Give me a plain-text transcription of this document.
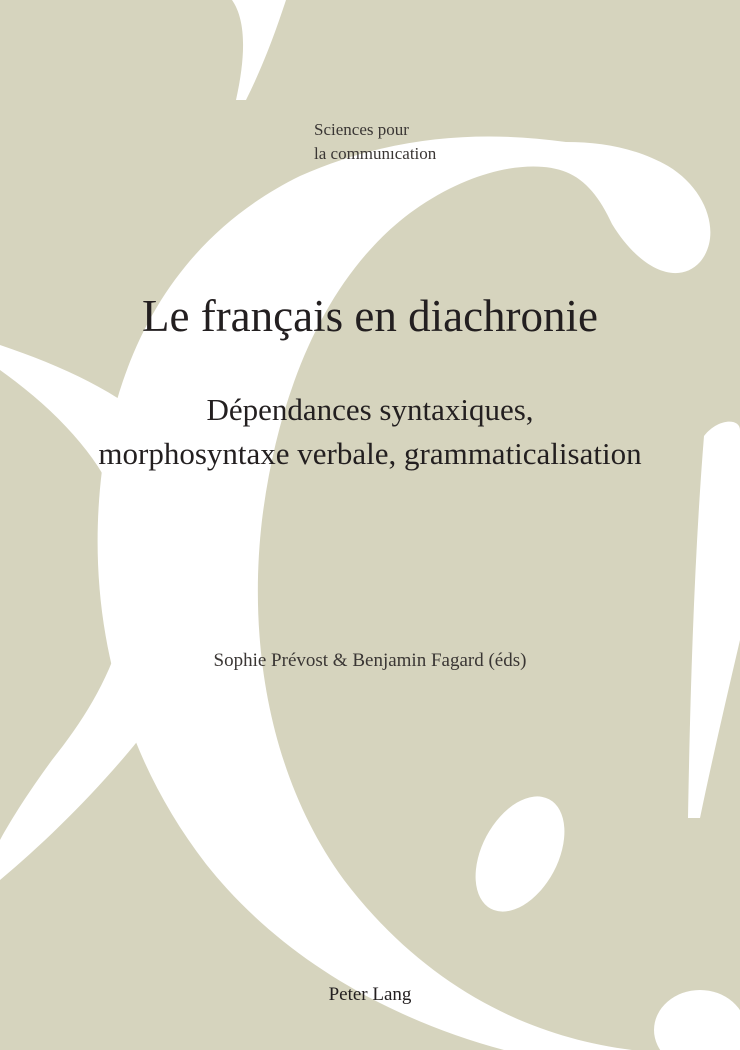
Sciences pour
la communıcation
Le français en diachronie
Dépendances syntaxiques,
morphosyntaxe verbale, grammaticalisation
Sophie Prévost & Benjamin Fagard (éds)
Peter Lang
